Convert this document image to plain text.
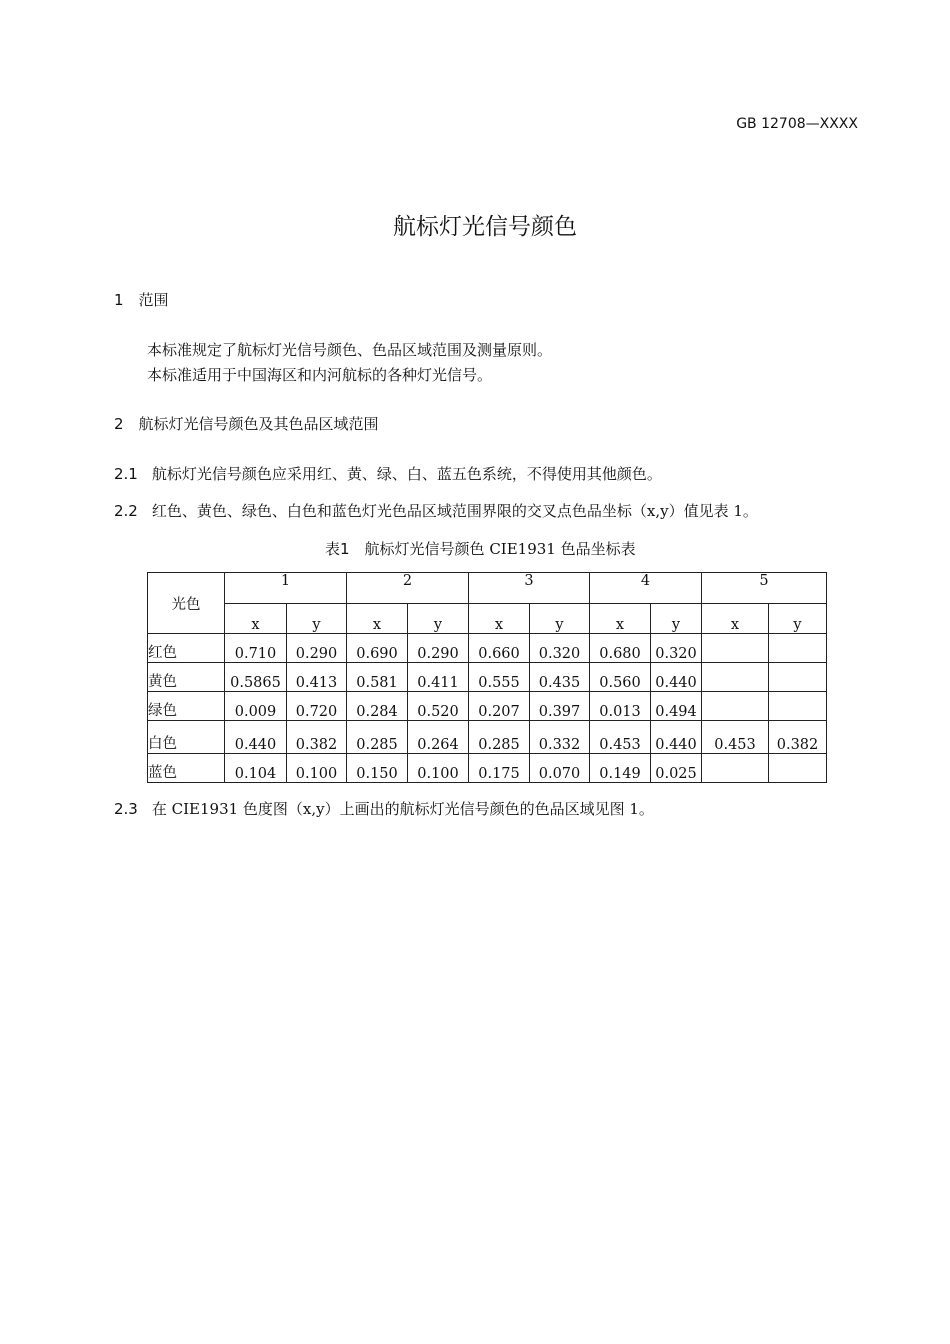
GB 12708—XXXX
航标灯光信号颜色
1　范围
本标准规定了航标灯光信号颜色、色品区域范围及测量原则。
本标准适用于中国海区和内河航标的各种灯光信号。
2　航标灯光信号颜色及其色品区域范围
2.1 航标灯光信号颜色应采用红、黄、绿、白、蓝五色系统，不得使用其他颜色。
2.2 红色、黄色、绿色、白色和蓝色灯光色品区域范围界限的交叉点色品坐标（x,y）值见表 1。
表1　航标灯光信号颜色 CIE1931 色品坐标表
光色	1		2		3		4		5	
	x	y	x	y	x	y	x	y	x	y
红色	0.710	0.290	0.690	0.290	0.660	0.320	0.680	0.320		
黄色	0.5865	0.413	0.581	0.411	0.555	0.435	0.560	0.440		
绿色	0.009	0.720	0.284	0.520	0.207	0.397	0.013	0.494		
白色	0.440	0.382	0.285	0.264	0.285	0.332	0.453	0.440	0.453	0.382
蓝色	0.104	0.100	0.150	0.100	0.175	0.070	0.149	0.025		
2.3 在 CIE1931 色度图（x,y）上画出的航标灯光信号颜色的色品区域见图 1。
